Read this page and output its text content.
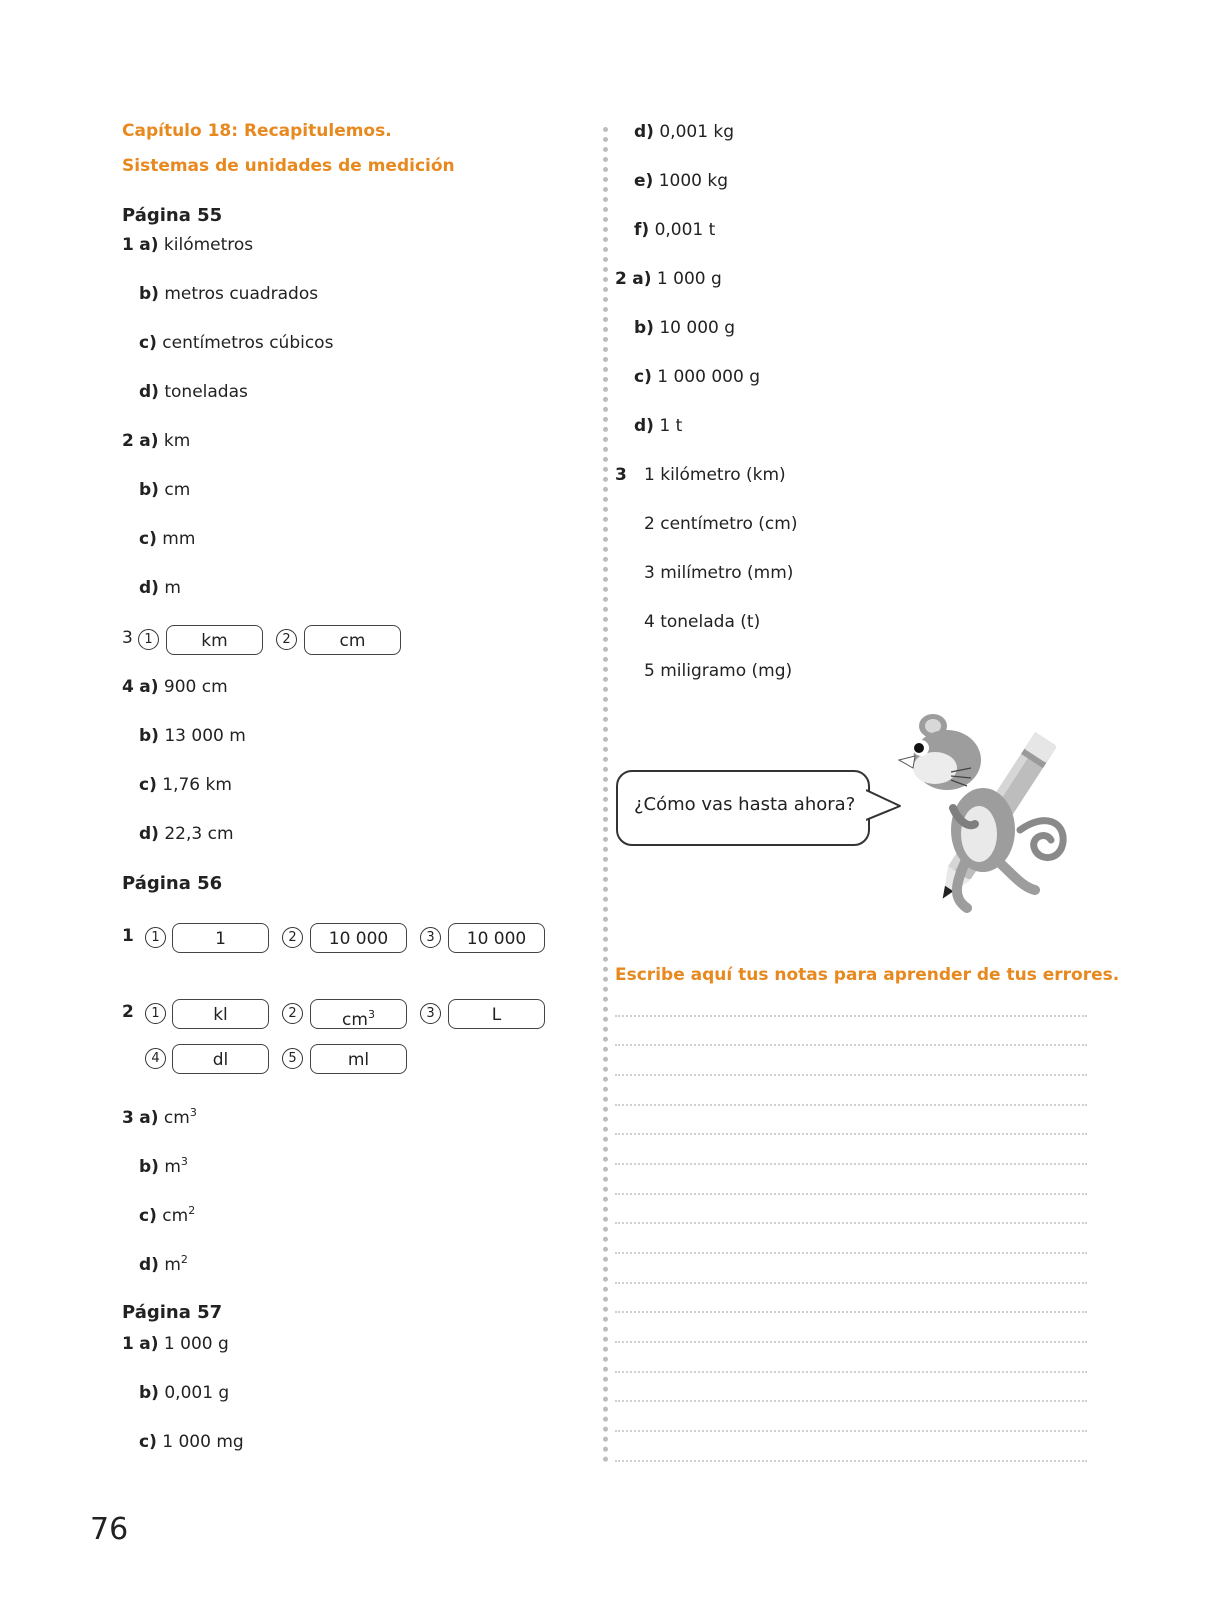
Capítulo 18: Recapitulemos.
Sistemas de unidades de medición
Página 55
1 a) kilómetros
b) metros cuadrados
c) centímetros cúbicos
d) toneladas
2 a) km
b) cm
c) mm
d) m
3 1	km	2	cm
4 a) 900 cm
b) 13 000 m
c) 1,76 km
d) 22,3 cm
Página 56
1	1	1	2	10 000	3	10 000
2	1	kl	2	$cm^3$	3	L
4	dl	5	ml
3 a) $cm^3$
b) $m^3$
c) $cm^2$
d) $m^2$
Página 57
1 a) 1 000 g
b) 0,001 g
c) 1 000 mg
d) 0,001 kg
e) 1000 kg
f) 0,001 t
2 a) 1 000 g
b) 10 000 g
c) 1 000 000 g
d) 1 t
3 1 kilómetro (km)
2 centímetro (cm)
3 milímetro (mm)
4 tonelada (t)
5 miligramo (mg)
¿Cómo vas hasta ahora?
Escribe aquí tus notas para aprender de tus errores.
76
